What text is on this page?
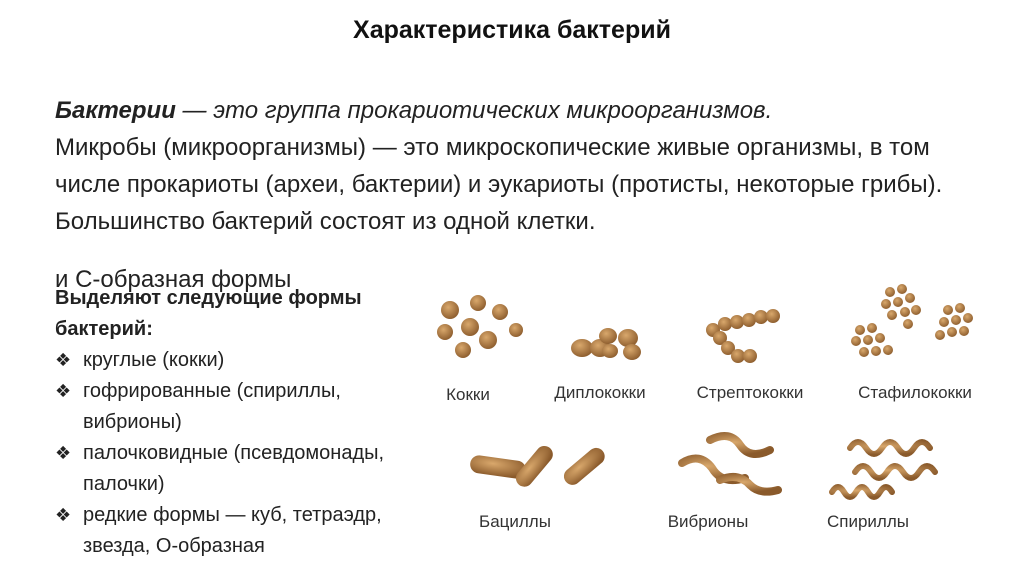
Характеристика бактерий
Бактерии — это группа прокариотических микроорганизмов.
Микробы (микроорганизмы) — это микроскопические живые организмы, в том числе прокариоты (археи, бактерии) и эукариоты (протисты, некоторые грибы). Большинство бактерий состоят из одной клетки.
и С-образная формы
Выделяют следующие формы бактерий:
❖ круглые (кокки)
❖ гофрированные (спириллы, вибрионы)
❖ палочковидные (псевдомонады, палочки)
❖ редкие формы — куб, тетраэдр, звезда, О-образная
Кокки	Диплококки	Стрептококки	Стафилококки
Бациллы	Вибрионы	Спириллы
